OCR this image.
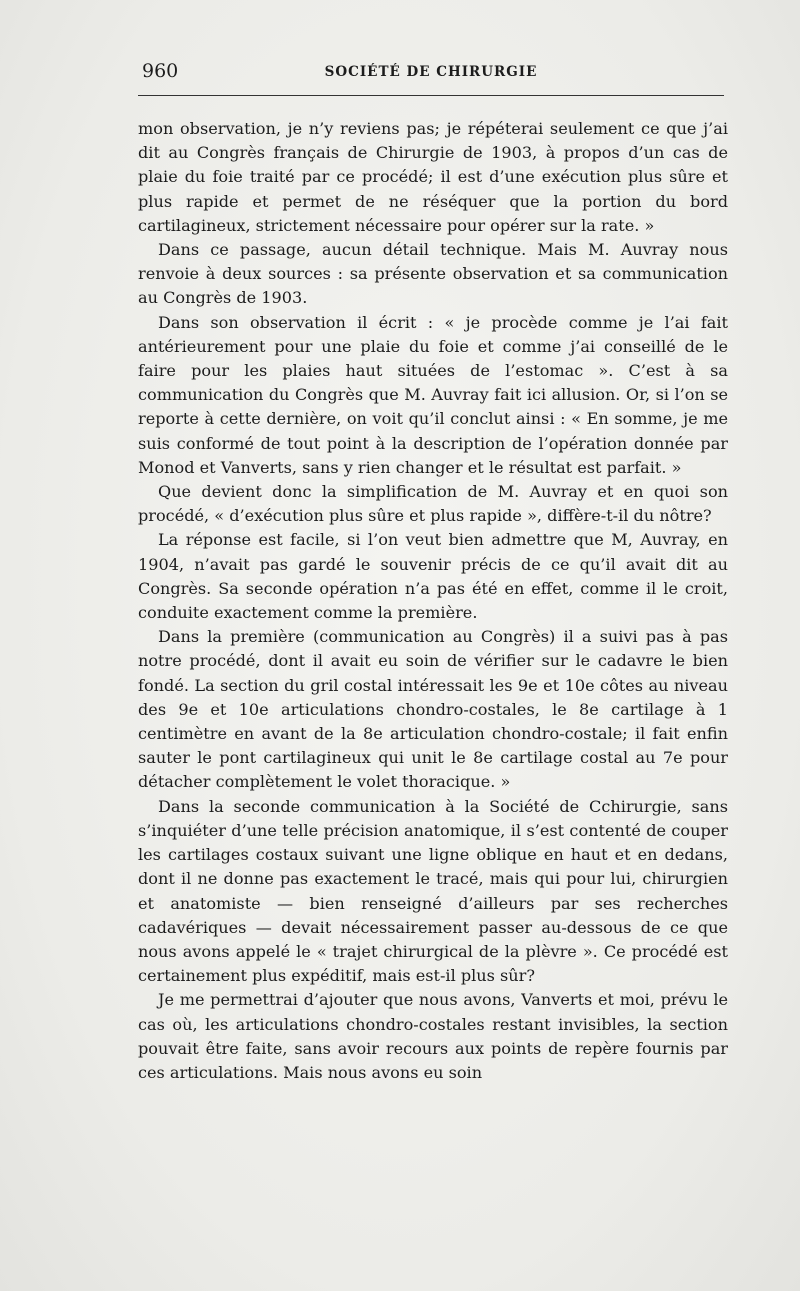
960	SOCIÉTÉ DE CHIRURGIE

mon observation, je n’y reviens pas; je répéterai seulement ce que j’ai dit au Congrès français de Chirurgie de 1903, à propos d’un cas de plaie du foie traité par ce procédé; il est d’une exécution plus sûre et plus rapide et permet de ne réséquer que la portion du bord cartilagineux, strictement nécessaire pour opérer sur la rate. »

Dans ce passage, aucun détail technique. Mais M. Auvray nous renvoie à deux sources : sa présente observation et sa communication au Congrès de 1903.

Dans son observation il écrit : « je procède comme je l’ai fait antérieurement pour une plaie du foie et comme j’ai conseillé de le faire pour les plaies haut situées de l’estomac ». C’est à sa communication du Congrès que M. Auvray fait ici allusion. Or, si l’on se reporte à cette dernière, on voit qu’il conclut ainsi : « En somme, je me suis conformé de tout point à la description de l’opération donnée par Monod et Vanverts, sans y rien changer et le résultat est parfait. »

Que devient donc la simplification de M. Auvray et en quoi son procédé, « d’exécution plus sûre et plus rapide », diffère-t-il du nôtre?

La réponse est facile, si l’on veut bien admettre que M, Auvray, en 1904, n’avait pas gardé le souvenir précis de ce qu’il avait dit au Congrès. Sa seconde opération n’a pas été en effet, comme il le croit, conduite exactement comme la première.

Dans la première (communication au Congrès) il a suivi pas à pas notre procédé, dont il avait eu soin de vérifier sur le cadavre le bien fondé. La section du gril costal intéressait les 9e et 10e côtes au niveau des 9e et 10e articulations chondro-costales, le 8e cartilage à 1 centimètre en avant de la 8e articulation chondro-costale; il fait enfin sauter le pont cartilagineux qui unit le 8e cartilage costal au 7e pour détacher complètement le volet thoracique. »

Dans la seconde communication à la Société de Cchirurgie, sans s’inquiéter d’une telle précision anatomique, il s’est contenté de couper les cartilages costaux suivant une ligne oblique en haut et en dedans, dont il ne donne pas exactement le tracé, mais qui pour lui, chirurgien et anatomiste — bien renseigné d’ailleurs par ses recherches cadavériques — devait nécessairement passer au-dessous de ce que nous avons appelé le « trajet chirurgical de la plèvre ». Ce procédé est certainement plus expéditif, mais est-il plus sûr?

Je me permettrai d’ajouter que nous avons, Vanverts et moi, prévu le cas où, les articulations chondro-costales restant invisibles, la section pouvait être faite, sans avoir recours aux points de repère fournis par ces articulations. Mais nous avons eu soin
